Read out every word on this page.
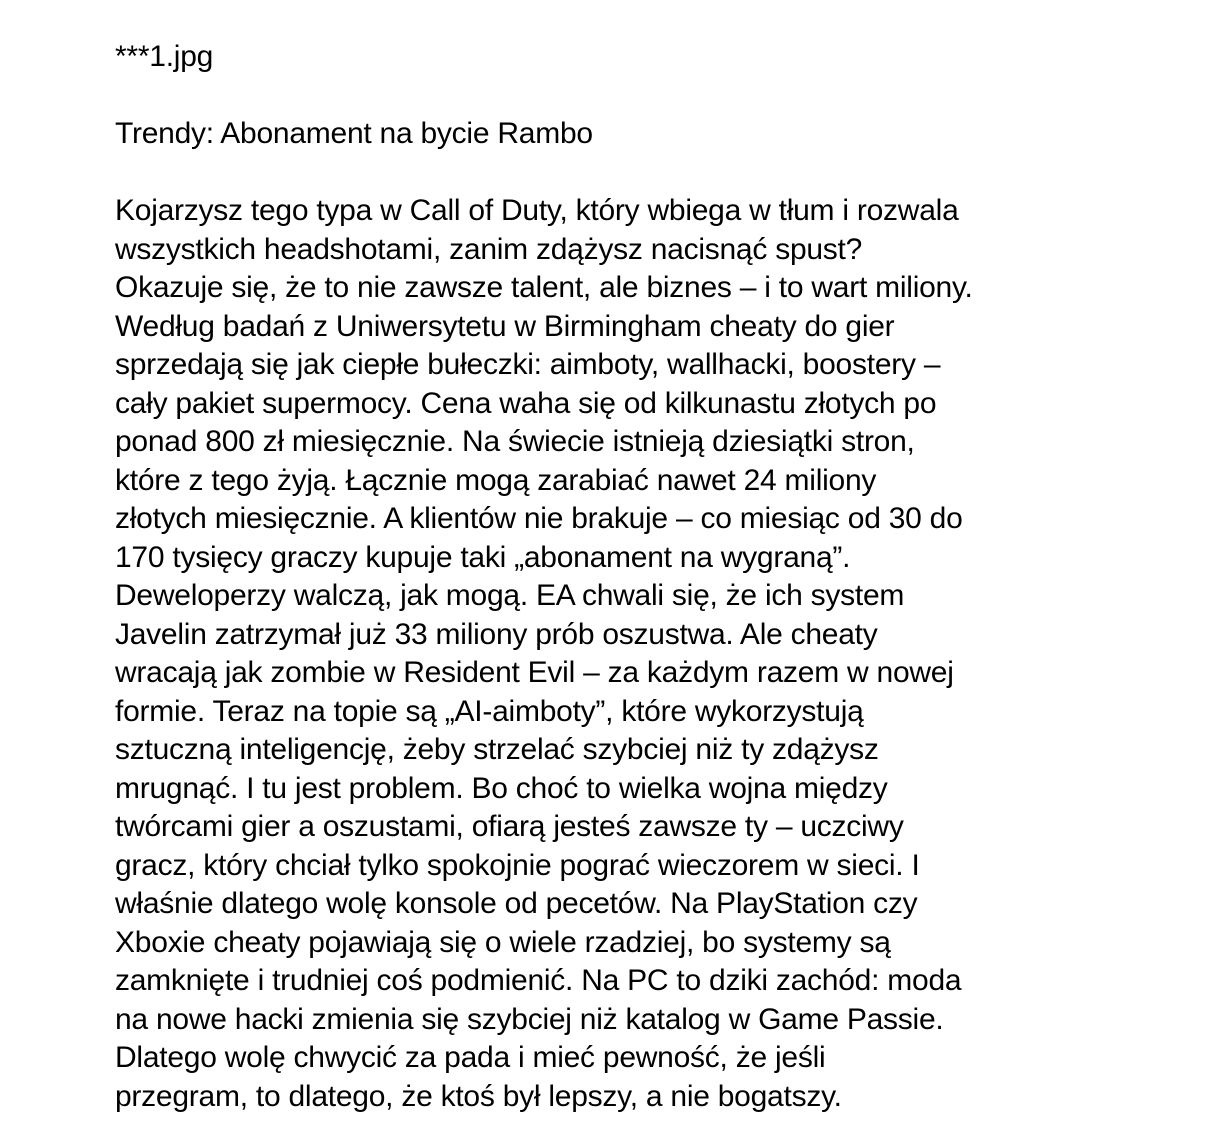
***1.jpg
Trendy: Abonament na bycie Rambo
Kojarzysz tego typa w Call of Duty, który wbiega w tłum i rozwala
wszystkich headshotami, zanim zdążysz nacisnąć spust?
Okazuje się, że to nie zawsze talent, ale biznes – i to wart miliony.
Według badań z Uniwersytetu w Birmingham cheaty do gier
sprzedają się jak ciepłe bułeczki: aimboty, wallhacki, boostery –
cały pakiet supermocy. Cena waha się od kilkunastu złotych po
ponad 800 zł miesięcznie. Na świecie istnieją dziesiątki stron,
które z tego żyją. Łącznie mogą zarabiać nawet 24 miliony
złotych miesięcznie. A klientów nie brakuje – co miesiąc od 30 do
170 tysięcy graczy kupuje taki „abonament na wygraną”.
Deweloperzy walczą, jak mogą. EA chwali się, że ich system
Javelin zatrzymał już 33 miliony prób oszustwa. Ale cheaty
wracają jak zombie w Resident Evil – za każdym razem w nowej
formie. Teraz na topie są „AI-aimboty”, które wykorzystują
sztuczną inteligencję, żeby strzelać szybciej niż ty zdążysz
mrugnąć. I tu jest problem. Bo choć to wielka wojna między
twórcami gier a oszustami, ofiarą jesteś zawsze ty – uczciwy
gracz, który chciał tylko spokojnie pograć wieczorem w sieci. I
właśnie dlatego wolę konsole od pecetów. Na PlayStation czy
Xboxie cheaty pojawiają się o wiele rzadziej, bo systemy są
zamknięte i trudniej coś podmienić. Na PC to dziki zachód: moda
na nowe hacki zmienia się szybciej niż katalog w Game Passie.
Dlatego wolę chwycić za pada i mieć pewność, że jeśli
przegram, to dlatego, że ktoś był lepszy, a nie bogatszy.
